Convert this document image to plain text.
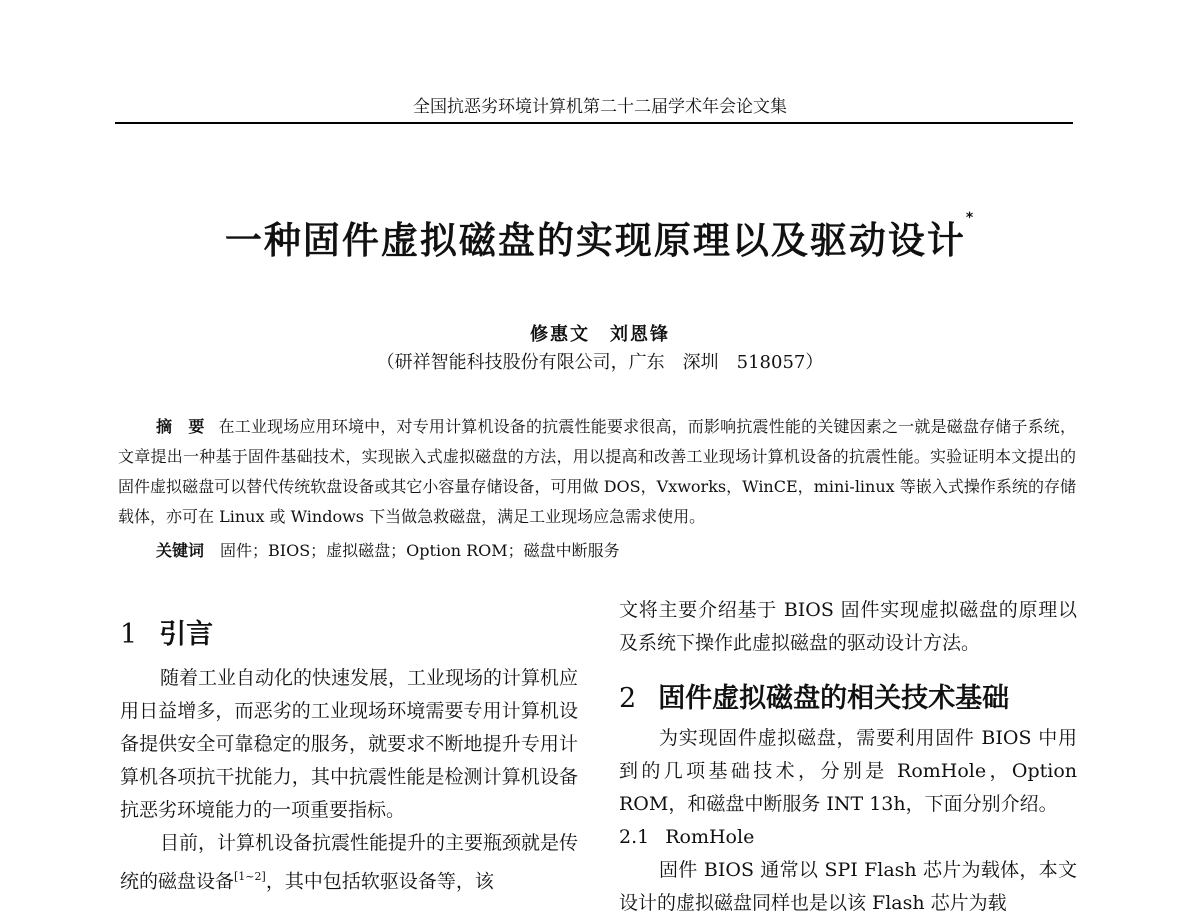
全国抗恶劣环境计算机第二十二届学术年会论文集
一种固件虚拟磁盘的实现原理以及驱动设计*
修惠文　刘恩锋
（研祥智能科技股份有限公司，广东　深圳　518057）
摘　要 在工业现场应用环境中，对专用计算机设备的抗震性能要求很高，而影响抗震性能的关键因素之一就是磁盘存储子系统，文章提出一种基于固件基础技术，实现嵌入式虚拟磁盘的方法，用以提高和改善工业现场计算机设备的抗震性能。实验证明本文提出的固件虚拟磁盘可以替代传统软盘设备或其它小容量存储设备，可用做 DOS，Vxworks，WinCE，mini-linux 等嵌入式操作系统的存储载体，亦可在 Linux 或 Windows 下当做急救磁盘，满足工业现场应急需求使用。
关键词 固件；BIOS；虚拟磁盘；Option ROM；磁盘中断服务
1 引言

随着工业自动化的快速发展，工业现场的计算机应用日益增多，而恶劣的工业现场环境需要专用计算机设备提供安全可靠稳定的服务，就要求不断地提升专用计算机各项抗干扰能力，其中抗震性能是检测计算机设备抗恶劣环境能力的一项重要指标。

目前，计算机设备抗震性能提升的主要瓶颈就是传统的磁盘设备[1~2]，其中包括软驱设备等，该

文将主要介绍基于 BIOS 固件实现虚拟磁盘的原理以及系统下操作此虚拟磁盘的驱动设计方法。
2 固件虚拟磁盘的相关技术基础

为实现固件虚拟磁盘，需要利用固件 BIOS 中用到的几项基础技术，分别是 RomHole，Option ROM，和磁盘中断服务 INT 13h，下面分别介绍。

2.1 RomHole

固件 BIOS 通常以 SPI Flash 芯片为载体，本文设计的虚拟磁盘同样也是以该 Flash 芯片为载
